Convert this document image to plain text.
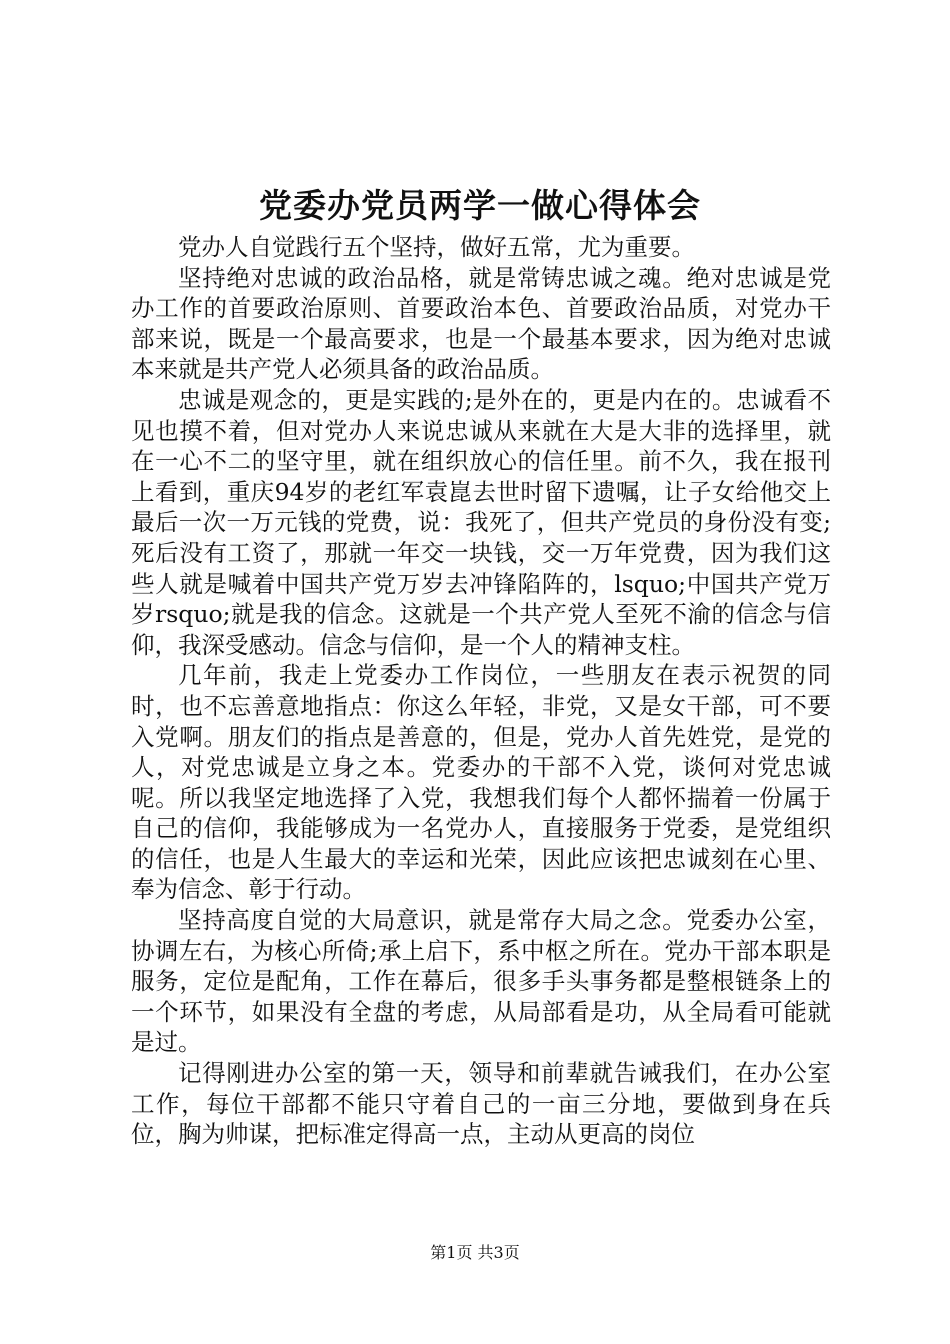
党委办党员两学一做心得体会

党办人自觉践行五个坚持，做好五常，尤为重要。

坚持绝对忠诚的政治品格，就是常铸忠诚之魂。绝对忠诚是党办工作的首要政治原则、首要政治本色、首要政治品质，对党办干部来说，既是一个最高要求，也是一个最基本要求，因为绝对忠诚本来就是共产党人必须具备的政治品质。

忠诚是观念的，更是实践的;是外在的，更是内在的。忠诚看不见也摸不着，但对党办人来说忠诚从来就在大是大非的选择里，就在一心不二的坚守里，就在组织放心的信任里。前不久，我在报刊上看到，重庆94岁的老红军袁崑去世时留下遗嘱，让子女给他交上最后一次一万元钱的党费，说：我死了，但共产党员的身份没有变;死后没有工资了，那就一年交一块钱，交一万年党费，因为我们这些人就是喊着中国共产党万岁去冲锋陷阵的，lsquo;中国共产党万岁rsquo;就是我的信念。这就是一个共产党人至死不渝的信念与信仰，我深受感动。信念与信仰，是一个人的精神支柱。

几年前，我走上党委办工作岗位，一些朋友在表示祝贺的同时，也不忘善意地指点：你这么年轻，非党，又是女干部，可不要入党啊。朋友们的指点是善意的，但是，党办人首先姓党，是党的人，对党忠诚是立身之本。党委办的干部不入党，谈何对党忠诚呢。所以我坚定地选择了入党，我想我们每个人都怀揣着一份属于自己的信仰，我能够成为一名党办人，直接服务于党委，是党组织的信任，也是人生最大的幸运和光荣，因此应该把忠诚刻在心里、奉为信念、彰于行动。

坚持高度自觉的大局意识，就是常存大局之念。党委办公室，协调左右，为核心所倚;承上启下，系中枢之所在。党办干部本职是服务，定位是配角，工作在幕后，很多手头事务都是整根链条上的一个环节，如果没有全盘的考虑，从局部看是功，从全局看可能就是过。

记得刚进办公室的第一天，领导和前辈就告诫我们，在办公室工作，每位干部都不能只守着自己的一亩三分地，要做到身在兵位，胸为帅谋，把标准定得高一点，主动从更高的岗位

第1页 共3页
